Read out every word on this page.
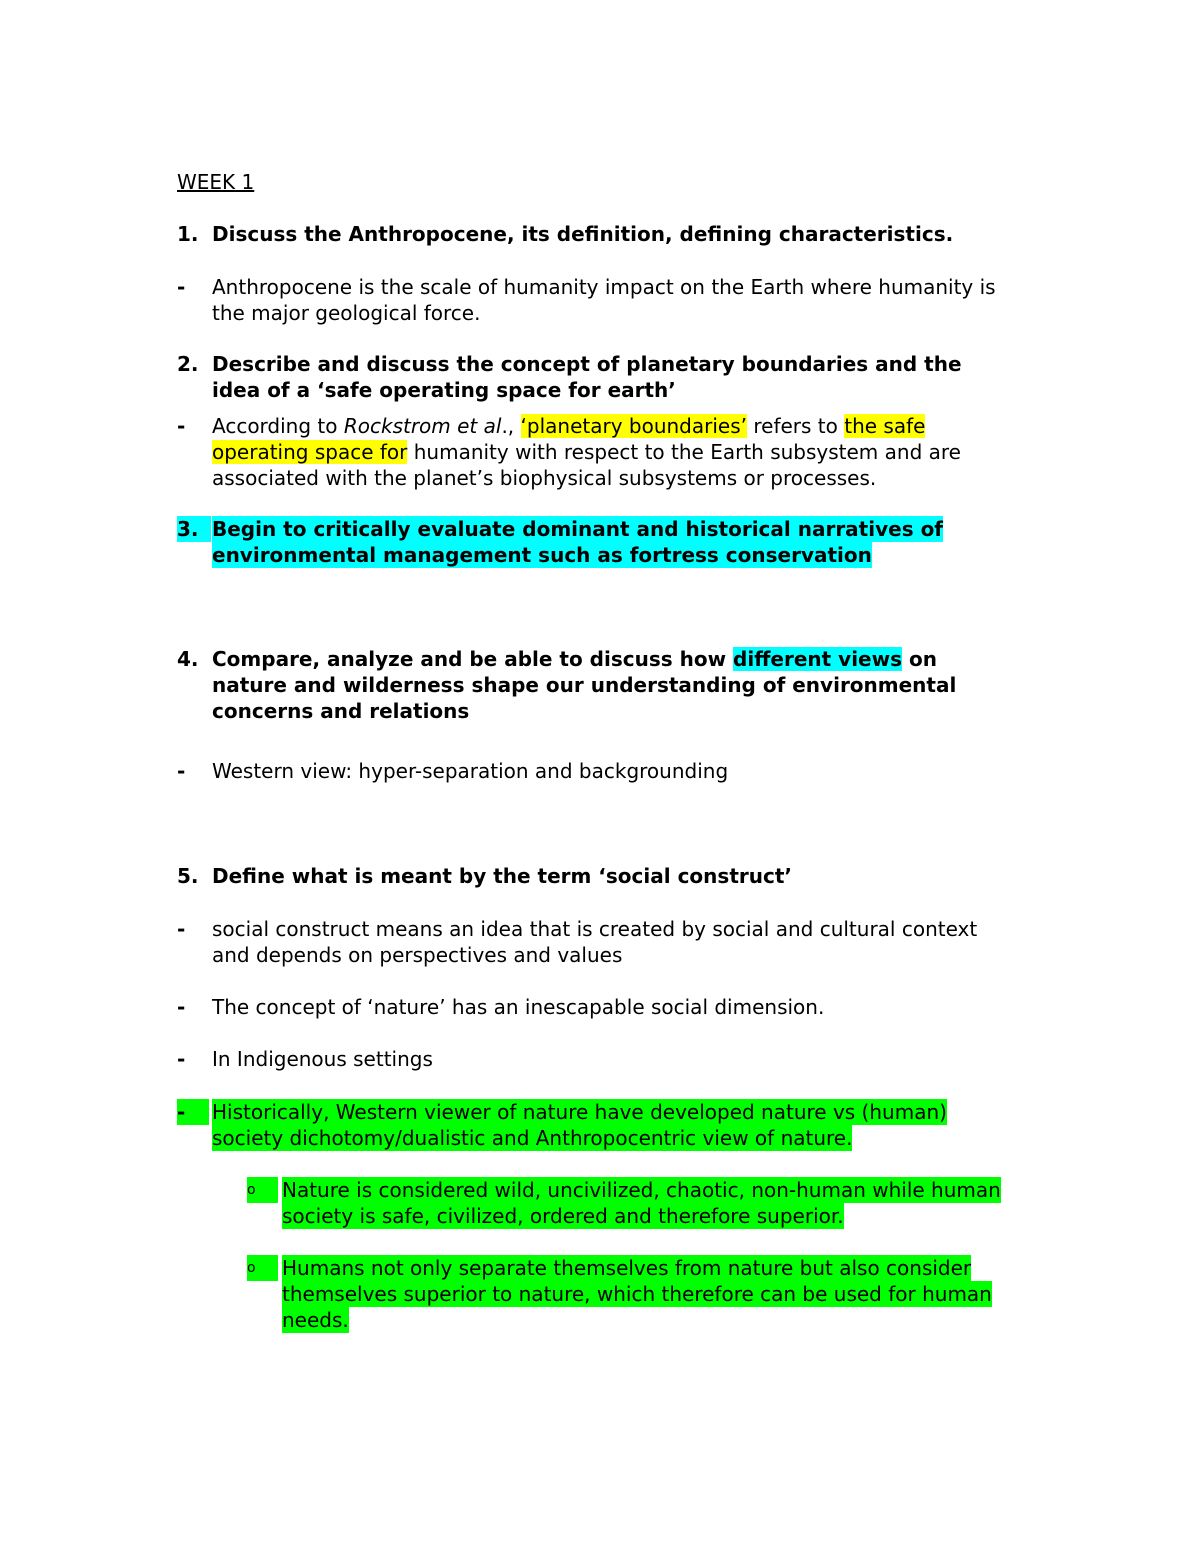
WEEK 1
1. Discuss the Anthropocene, its definition, defining characteristics.
- Anthropocene is the scale of humanity impact on the Earth where humanity is
the major geological force.
2. Describe and discuss the concept of planetary boundaries and the
idea of a ‘safe operating space for earth’
- According to Rockstrom et al., ‘planetary boundaries’ refers to the safe
operating space for humanity with respect to the Earth subsystem and are
associated with the planet’s biophysical subsystems or processes.
3. Begin to critically evaluate dominant and historical narratives of
environmental management such as fortress conservation
4. Compare, analyze and be able to discuss how different views on
nature and wilderness shape our understanding of environmental
concerns and relations
- Western view: hyper-separation and backgrounding
5. Define what is meant by the term ‘social construct’
- social construct means an idea that is created by social and cultural context
and depends on perspectives and values
- The concept of ‘nature’ has an inescapable social dimension.
- In Indigenous settings
-	Historically, Western viewer of nature have developed nature vs (human)
society dichotomy/dualistic and Anthropocentric view of nature.
o	Nature is considered wild, uncivilized, chaotic, non-human while human
society is safe, civilized, ordered and therefore superior.
o	Humans not only separate themselves from nature but also consider
themselves superior to nature, which therefore can be used for human
needs.
